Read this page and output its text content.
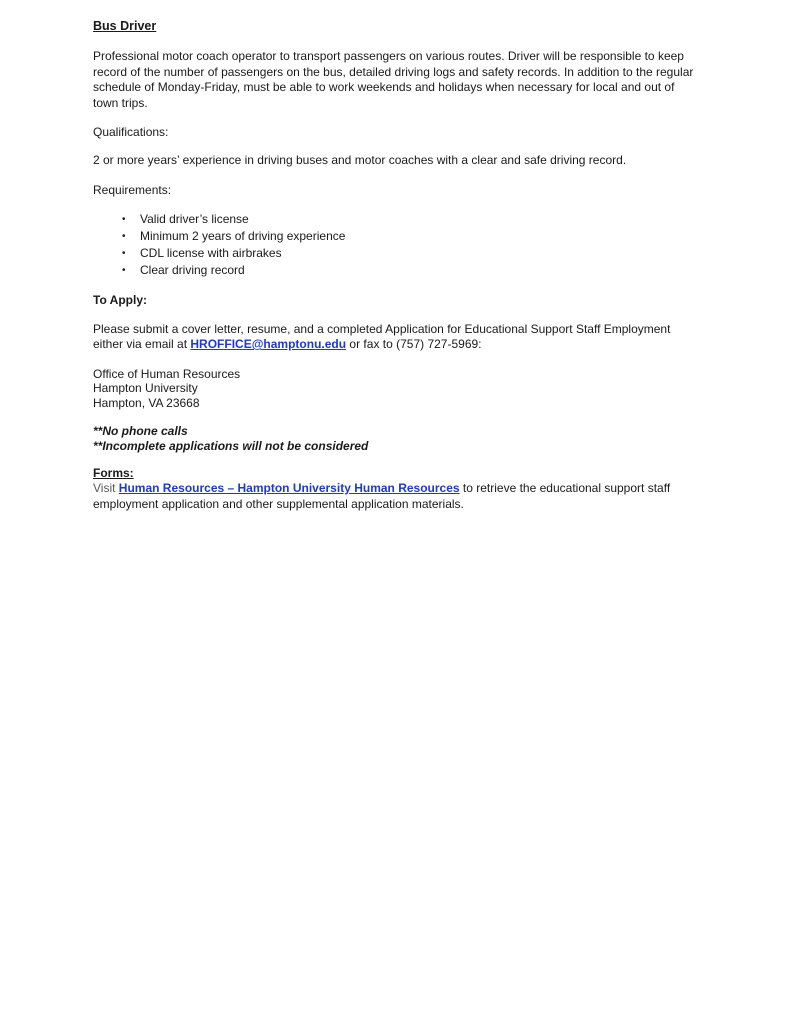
Bus Driver

Professional motor coach operator to transport passengers on various routes. Driver will be responsible to keep record of the number of passengers on the bus, detailed driving logs and safety records. In addition to the regular schedule of Monday-Friday, must be able to work weekends and holidays when necessary for local and out of town trips.

Qualifications:

2 or more years’ experience in driving buses and motor coaches with a clear and safe driving record.

Requirements:
•	Valid driver’s license
•	Minimum 2 years of driving experience
•	CDL license with airbrakes
•	Clear driving record
To Apply:

Please submit a cover letter, resume, and a completed Application for Educational Support Staff Employment either via email at HROFFICE@hamptonu.edu or fax to (757) 727-5969:

Office of Human Resources
Hampton University
Hampton, VA 23668
**No phone calls
**Incomplete applications will not be considered
Forms:

Visit Human Resources – Hampton University Human Resources to retrieve the educational support staff employment application and other supplemental application materials.
